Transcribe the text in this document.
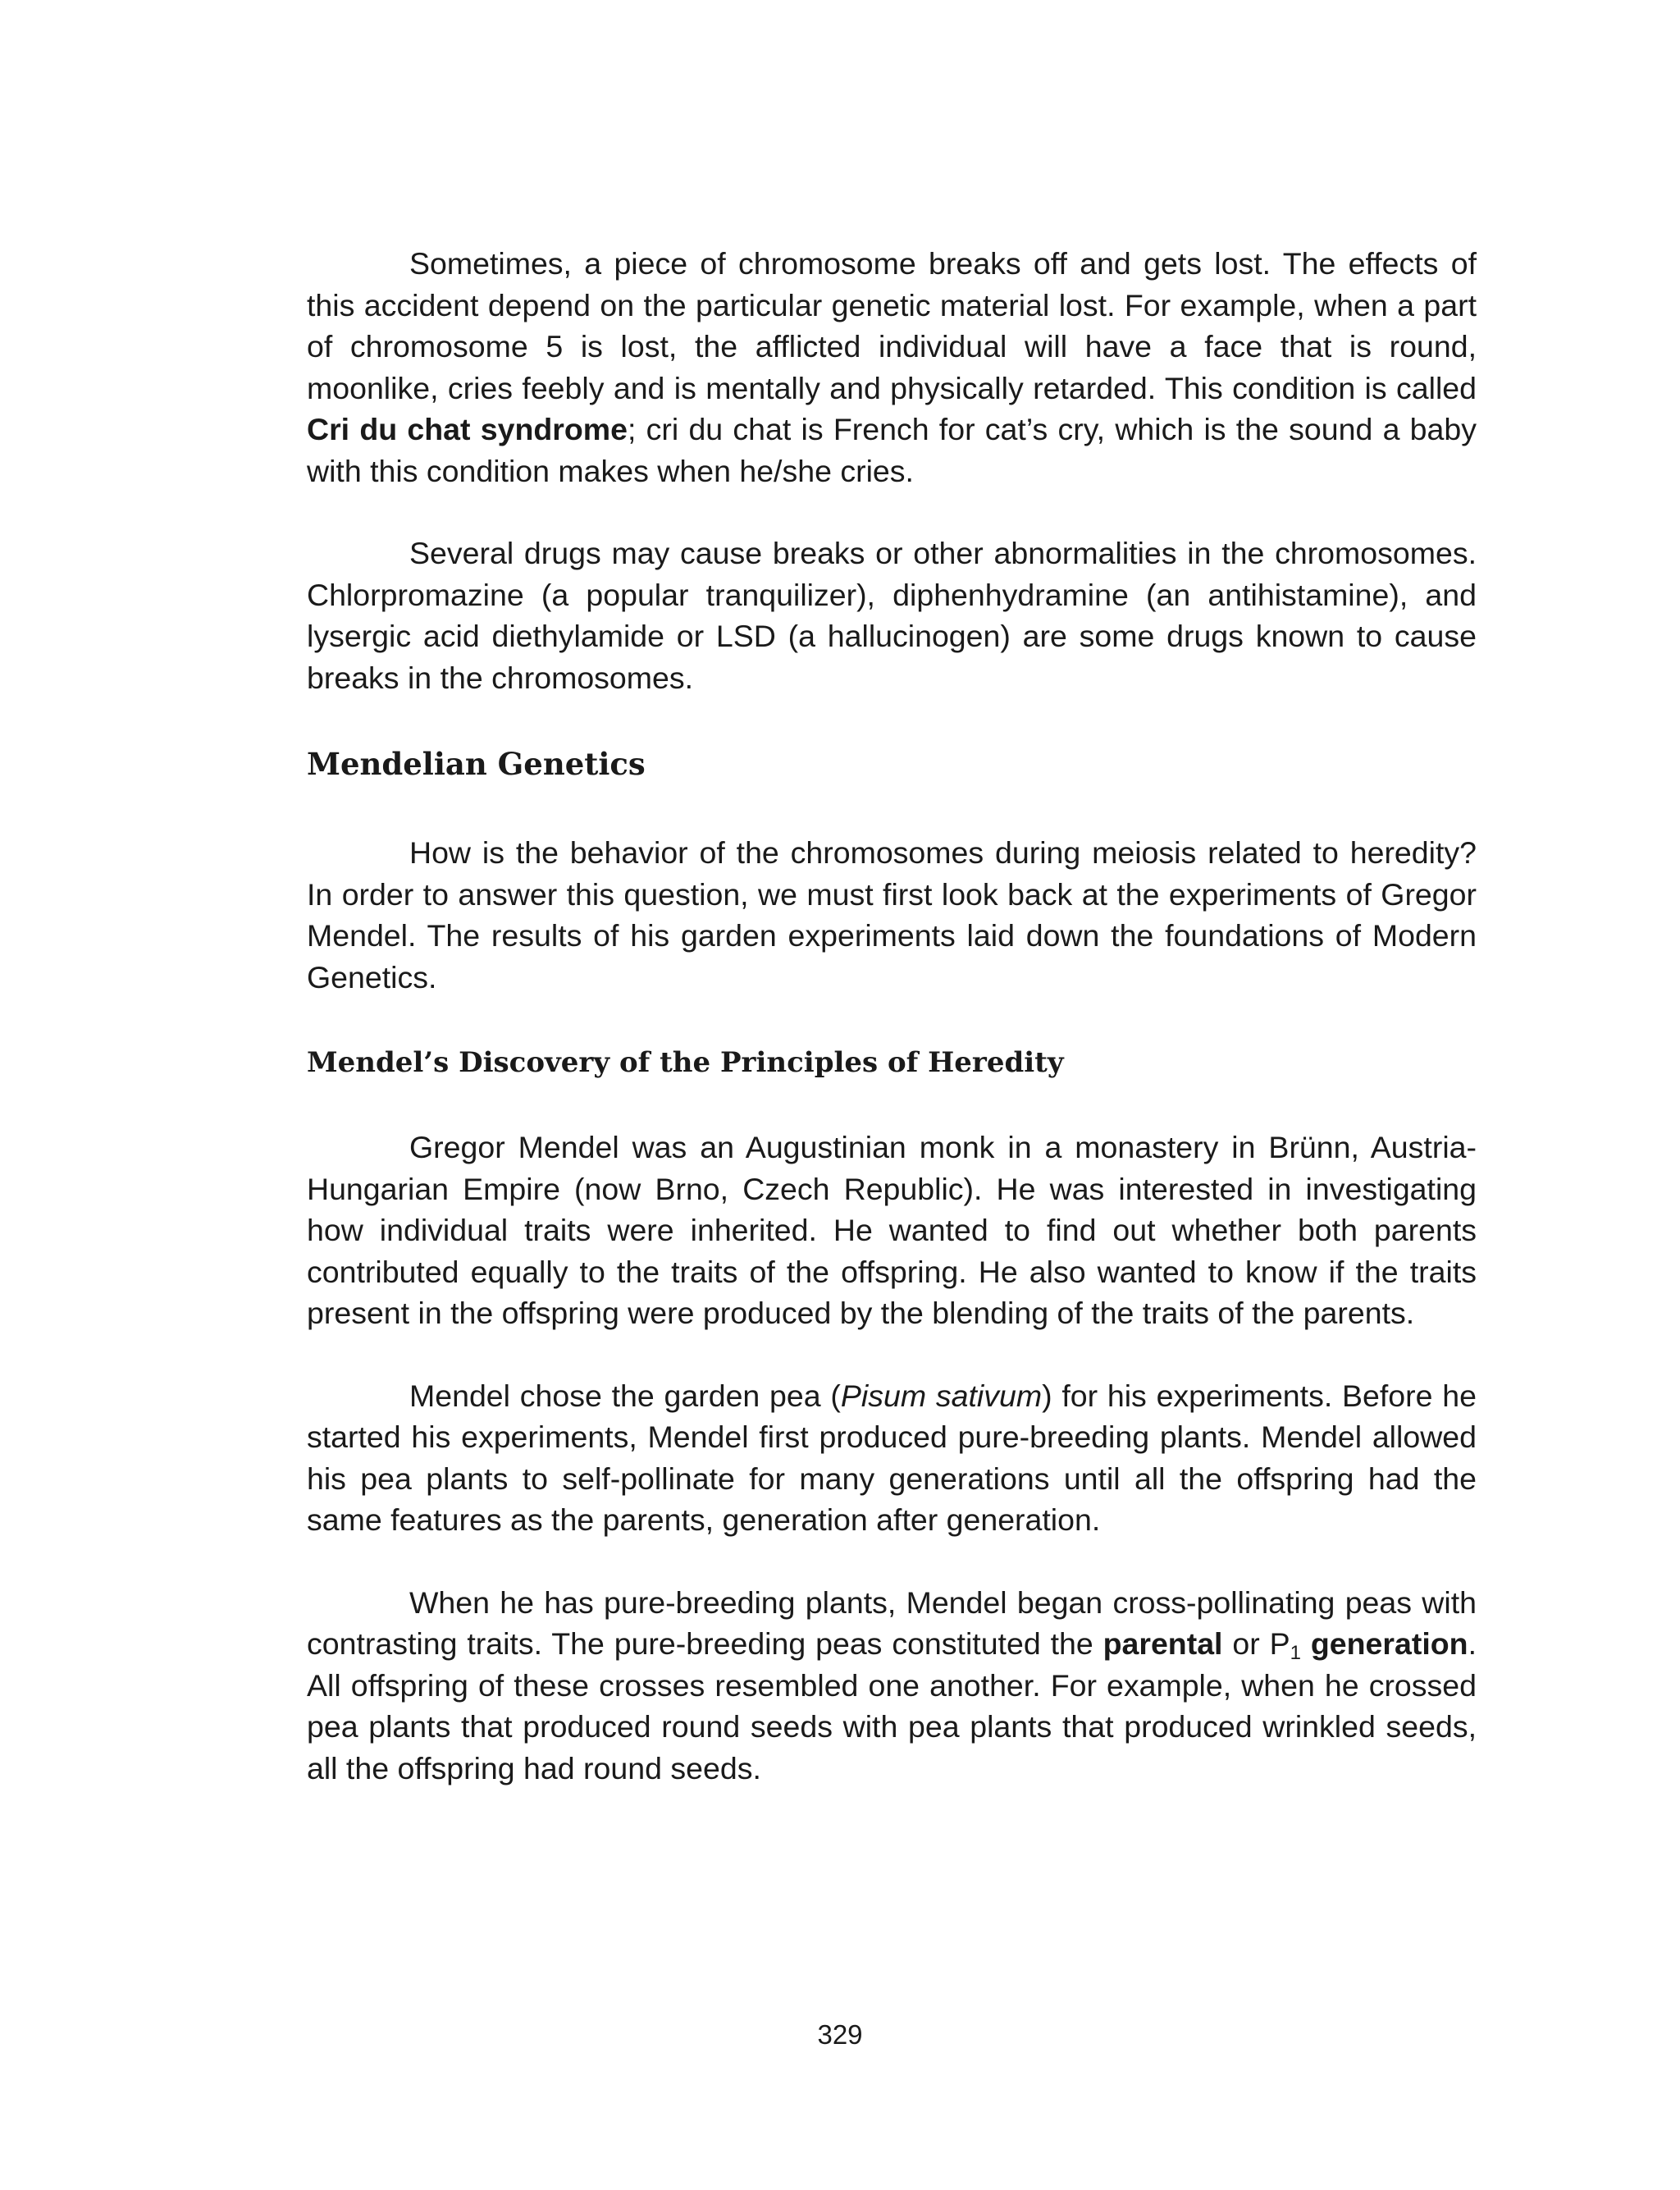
Sometimes, a piece of chromosome breaks off and gets lost. The effects of this accident depend on the particular genetic material lost. For example, when a part of chromosome 5 is lost, the afflicted individual will have a face that is round, moonlike, cries feebly and is mentally and physically retarded. This condition is called Cri du chat syndrome; cri du chat is French for cat’s cry, which is the sound a baby with this condition makes when he/she cries.

Several drugs may cause breaks or other abnormalities in the chromosomes. Chlorpromazine (a popular tranquilizer), diphenhydramine (an antihistamine), and lysergic acid diethylamide or LSD (a hallucinogen) are some drugs known to cause breaks in the chromosomes.

Mendelian Genetics

How is the behavior of the chromosomes during meiosis related to heredity? In order to answer this question, we must first look back at the experiments of Gregor Mendel. The results of his garden experiments laid down the foundations of Modern Genetics.

Mendel’s Discovery of the Principles of Heredity

Gregor Mendel was an Augustinian monk in a monastery in Brünn, Austria-Hungarian Empire (now Brno, Czech Republic). He was interested in investigating how individual traits were inherited. He wanted to find out whether both parents contributed equally to the traits of the offspring. He also wanted to know if the traits present in the offspring were produced by the blending of the traits of the parents.

Mendel chose the garden pea (Pisum sativum) for his experiments. Before he started his experiments, Mendel first produced pure-breeding plants. Mendel allowed his pea plants to self-pollinate for many generations until all the offspring had the same features as the parents, generation after generation.

When he has pure-breeding plants, Mendel began cross-pollinating peas with contrasting traits. The pure-breeding peas constituted the parental or $P_1$ generation. All offspring of these crosses resembled one another. For example, when he crossed pea plants that produced round seeds with pea plants that produced wrinkled seeds, all the offspring had round seeds.

329
